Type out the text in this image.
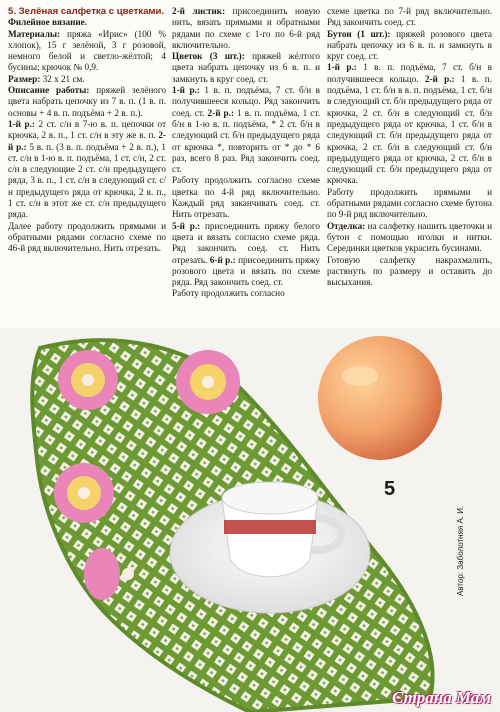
5. Зелёная салфетка с цветками.

Филейное вязание.

Материалы: пряжа «Ирис» (100 % хлопок), 15 г зелёной, 3 г розовой, немного белой и светло-жёлтой; 4 бусины; крючок № 0,9.

Размер: 32 x 21 см.

Описание работы: пряжей зелёного цвета набрать цепочку из 7 в. п. (1 в. п. основы + 4 в. п. подъёма + 2 в. п.).

1-й р.: 2 ст. с/н в 7-ю в. п. цепочки от крючка, 2 в. п., 1 ст. с/н в эту же в. п. 2-й р.: 5 в. п. (3 в. п. подъёма + 2 в. п.), 1 ст. с/н в 1-ю в. п. подъёма, 1 ст. с/н, 2 ст. с/н в следующие 2 ст. с/н предыдущего ряда, 3 в. п., 1 ст. с/н в следующий ст. с/н предыдущего ряда от крючка, 2 в. п., 1 ст. с/н в этот же ст. с/н предыдущего ряда.

Далее работу продолжить прямыми и обратными рядами согласно схеме по 46-й ряд включительно. Нить отрезать.

2-й листик: присоединить новую нить, вязать прямыми и обратными рядами по схеме с 1-го по 6-й ряд включительно.

Цветок (3 шт.): пряжей жёлтого цвета набрать цепочку из 6 в. п. и замкнуть в круг соед. ст.

1-й р.: 1 в. п. подъёма, 7 ст. б/н в получившееся кольцо. Ряд закончить соед. ст. 2-й р.: 1 в. п. подъёма, 1 ст. б/н в 1-ю в. п. подъёма, * 2 ст. б/н в следующий ст. б/н предыдущего ряда от крючка *, повторить от * до * 6 раз, всего 8 раз. Ряд закончить соед. ст.

Работу продолжить согласно схеме цветка по 4-й ряд включительно. Каждый ряд заканчивать соед. ст. Нить отрезать.

5-й р.: присоединить пряжу белого цвета и вязать согласно схеме ряда. Ряд закончить соед. ст. Нить отрезать. 6-й р.: присоединить пряжу розового цвета и вязать по схеме ряда. Ряд закончить соед. ст.

Работу продолжить согласно

схеме цветка по 7-й ряд включительно. Ряд закончить соед. ст.

Бутон (1 шт.): пряжей розового цвета набрать цепочку из 6 в. п. и замкнуть в круг соед. ст.

1-й р.: 1 в. п. подъёма, 7 ст. б/н в получившееся кольцо. 2-й р.: 1 в. п. подъёма, 1 ст. б/н в в. п. подъёма, 1 ст. б/н в следующий ст. б/н предыдущего ряда от крючка, 2 ст. б/н в следующий ст. б/н предыдущего ряда от крючка, 1 ст. б/н в следующий ст. б/н предыдущего ряда от крючка, 2 ст. б/н в следующий ст. б/н предыдущего ряда от крючка, 2 ст. б/н в следующий ст. б/н предыдущего ряда от крючка.

Работу продолжить прямыми и обратными рядами согласно схеме бутона по 9-й ряд включительно.

Отделка: на салфетку нашить цветочки и бутон с помощью иголки и нитки. Серединки цветков украсить бусинами.

Готовую салфетку накрахмалить, растянуть по размеру и оставить до высыхания.

5
Автор: Заболотняя А. И.
Страна Мам
